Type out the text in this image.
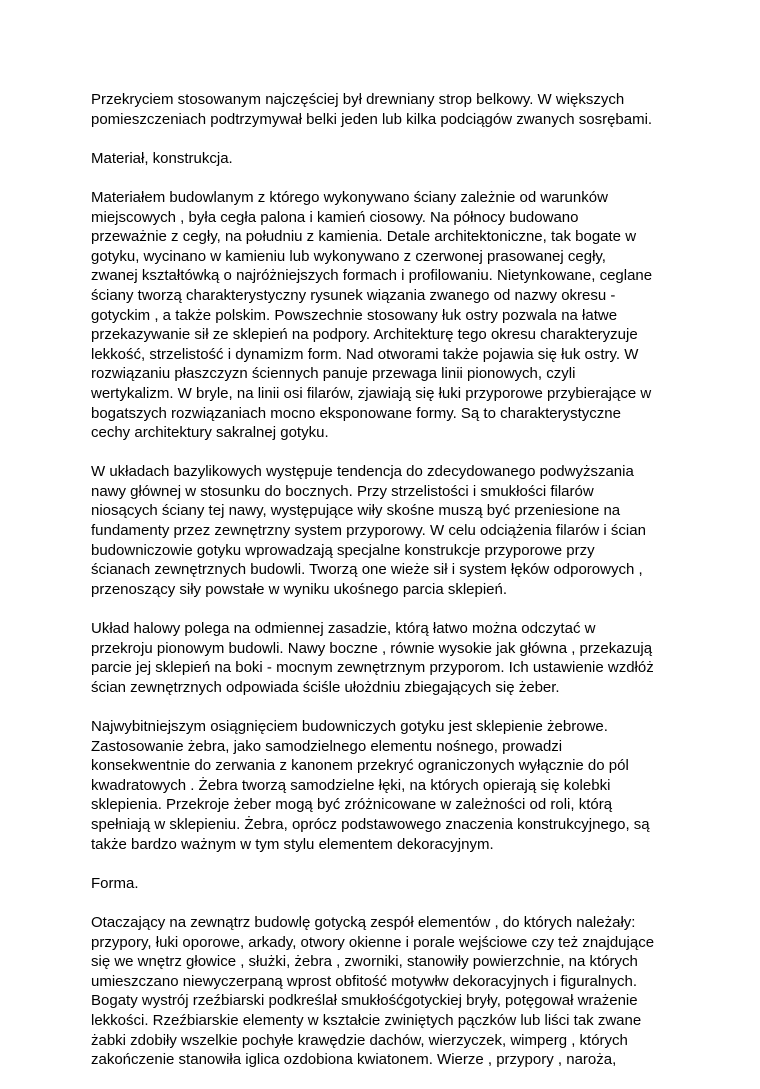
Przekryciem stosowanym najczęściej był drewniany strop belkowy. W większych
pomieszczeniach podtrzymywał belki jeden lub kilka podciągów zwanych sosrębami.

Materiał, konstrukcja.

Materiałem budowlanym z którego wykonywano ściany zależnie od warunków
miejscowych , była cegła palona i kamień ciosowy. Na północy budowano
przeważnie z cegły, na południu z kamienia. Detale architektoniczne, tak bogate w
gotyku, wycinano w kamieniu lub wykonywano z czerwonej prasowanej cegły,
zwanej kształtówką o najróżniejszych formach i profilowaniu. Nietynkowane, ceglane
ściany tworzą charakterystyczny rysunek wiązania zwanego od nazwy okresu -
gotyckim , a także polskim. Powszechnie stosowany łuk ostry pozwala na łatwe
przekazywanie sił ze sklepień na podpory. Architekturę tego okresu charakteryzuje
lekkość, strzelistość i dynamizm form. Nad otworami także pojawia się łuk ostry. W
rozwiązaniu płaszczyzn ściennych panuje przewaga linii pionowych, czyli
wertykalizm. W bryle, na linii osi filarów, zjawiają się łuki przyporowe przybierające w
bogatszych rozwiązaniach mocno eksponowane formy. Są to charakterystyczne
cechy architektury sakralnej gotyku.

W układach bazylikowych występuje tendencja do zdecydowanego podwyższania
nawy głównej w stosunku do bocznych. Przy strzelistości i smukłości filarów
niosących ściany tej nawy, występujące wiły skośne muszą być przeniesione na
fundamenty przez zewnętrzny system przyporowy. W celu odciążenia filarów i ścian
budowniczowie gotyku wprowadzają specjalne konstrukcje przyporowe przy
ścianach zewnętrznych budowli. Tworzą one wieże sił i system łęków odporowych ,
przenoszący siły powstałe w wyniku ukośnego parcia sklepień.

Układ halowy polega na odmiennej zasadzie, którą łatwo można odczytać w
przekroju pionowym budowli. Nawy boczne , równie wysokie jak główna , przekazują
parcie jej sklepień na boki - mocnym zewnętrznym przyporom. Ich ustawienie wzdłóż
ścian zewnętrznych odpowiada ściśle ułożdniu zbiegających się żeber.

Najwybitniejszym osiągnięciem budowniczych gotyku jest sklepienie żebrowe.
Zastosowanie żebra, jako samodzielnego elementu nośnego, prowadzi
konsekwentnie do zerwania z kanonem przekryć ograniczonych wyłącznie do pól
kwadratowych . Żebra tworzą samodzielne łęki, na których opierają się kolebki
sklepienia. Przekroje żeber mogą być zróżnicowane w zależności od roli, którą
spełniają w sklepieniu. Żebra, oprócz podstawowego znaczenia konstrukcyjnego, są
także bardzo ważnym w tym stylu elementem dekoracyjnym.

Forma.

Otaczający na zewnątrz budowlę gotycką zespół elementów , do których należały:
przypory, łuki oporowe, arkady, otwory okienne i porale wejściowe czy też znajdujące
się we wnętrz głowice , służki, żebra , zworniki, stanowiły powierzchnie, na których
umieszczano niewyczerpaną wprost obfitość motywłw dekoracyjnych i figuralnych.
Bogaty wystrój rzeźbiarski podkreślał smukłośćgotyckiej bryły, potęgował wrażenie
lekkości. Rzeźbiarskie elementy w kształcie zwiniętych pączków lub liści tak zwane
żabki zdobiły wszelkie pochyłe krawędzie dachów, wierzyczek, wimperg , których
zakończenie stanowiła iglica ozdobiona kwiatonem. Wierze , przypory , naroża,
